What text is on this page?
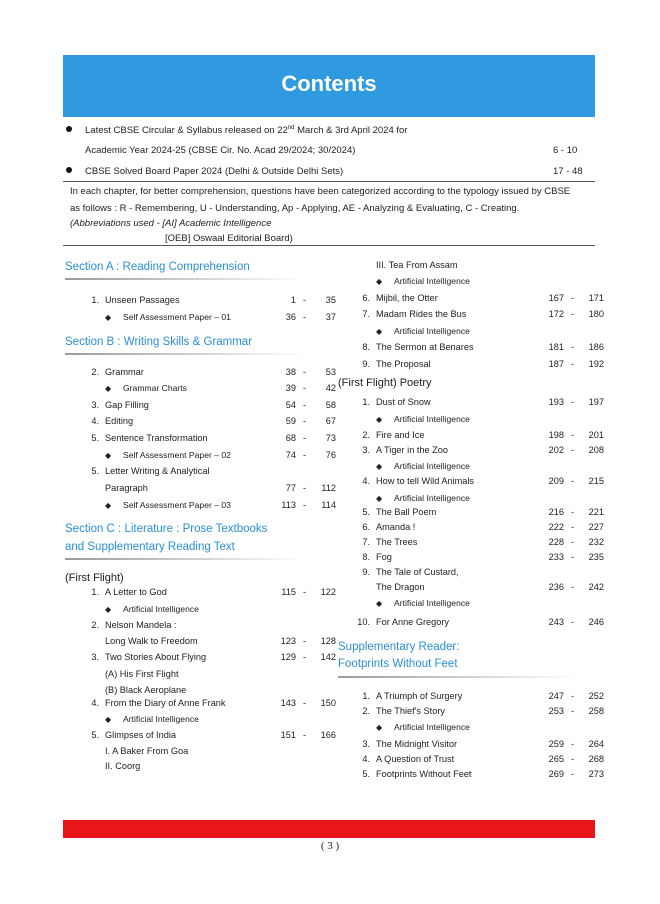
Contents
Latest CBSE Circular & Syllabus released on 22nd March & 3rd April 2024 for
Academic Year 2024-25 (CBSE Cir. No. Acad 29/2024; 30/2024)	6 - 10
CBSE Solved Board Paper 2024 (Delhi & Outside Delhi Sets)	17 - 48
In each chapter, for better comprehension, questions have been categorized according to the typology issued by CBSE
as follows : R - Remembering, U - Understanding, Ap - Applying, AE - Analyzing & Evaluating, C - Creating.
(Abbreviations used - [AI] Academic Intelligence
[OEB] Oswaal Editorial Board)
Section A : Reading Comprehension
Section B : Writing Skills & Grammar
Section C : Literature : Prose Textbooks
and Supplementary Reading Text
(First Flight)
(First Flight) Poetry
Supplementary Reader:
Footprints Without Feet
1. Unseen Passages	1 -	35
◆ Self Assessment Paper – 01	36 -	37
2. Grammar	38 -	53
◆ Grammar Charts	39 -	42
3. Gap Filling	54 -	58
4. Editing	59 -	67
5. Sentence Transformation	68 -	73
◆ Self Assessment Paper – 02	74 -	76
5. Letter Writing & Analytical
Paragraph	77 -	112
◆ Self Assessment Paper – 03	113 -	114
1. A Letter to God	115 -	122
◆ Artificial Intelligence
2. Nelson Mandela :
Long Walk to Freedom	123 -	128
3. Two Stories About Flying	129 -	142
(A) His First Flight
(B) Black Aeroplane
4. From the Diary of Anne Frank	143 -	150
◆ Artificial Intelligence
5. Glimpses of India	151 -	166
I. A Baker From Goa
II. Coorg
III. Tea From Assam
◆ Artificial Intelligence
6. Mijbil, the Otter	167 -	171
7. Madam Rides the Bus	172 -	180
◆ Artificial Intelligence
8. The Sermon at Benares	181 -	186
9. The Proposal	187 -	192
1. Dust of Snow	193 -	197
◆ Artificial Intelligence
2. Fire and Ice	198 -	201
3. A Tiger in the Zoo	202 -	208
◆ Artificial Intelligence
4. How to tell Wild Animals	209 -	215
◆ Artificial Intelligence
5. The Ball Poem	216 -	221
6. Amanda !	222 -	227
7. The Trees	228 -	232
8. Fog	233 -	235
9. The Tale of Custard,
The Dragon	236 -	242
◆ Artificial Intelligence
10. For Anne Gregory	243 -	246
1. A Triumph of Surgery	247 -	252
2. The Thief's Story	253 -	258
◆ Artificial Intelligence
3. The Midnight Visitor	259 -	264
4. A Question of Trust	265 -	268
5. Footprints Without Feet	269 -	273
( 3 )
